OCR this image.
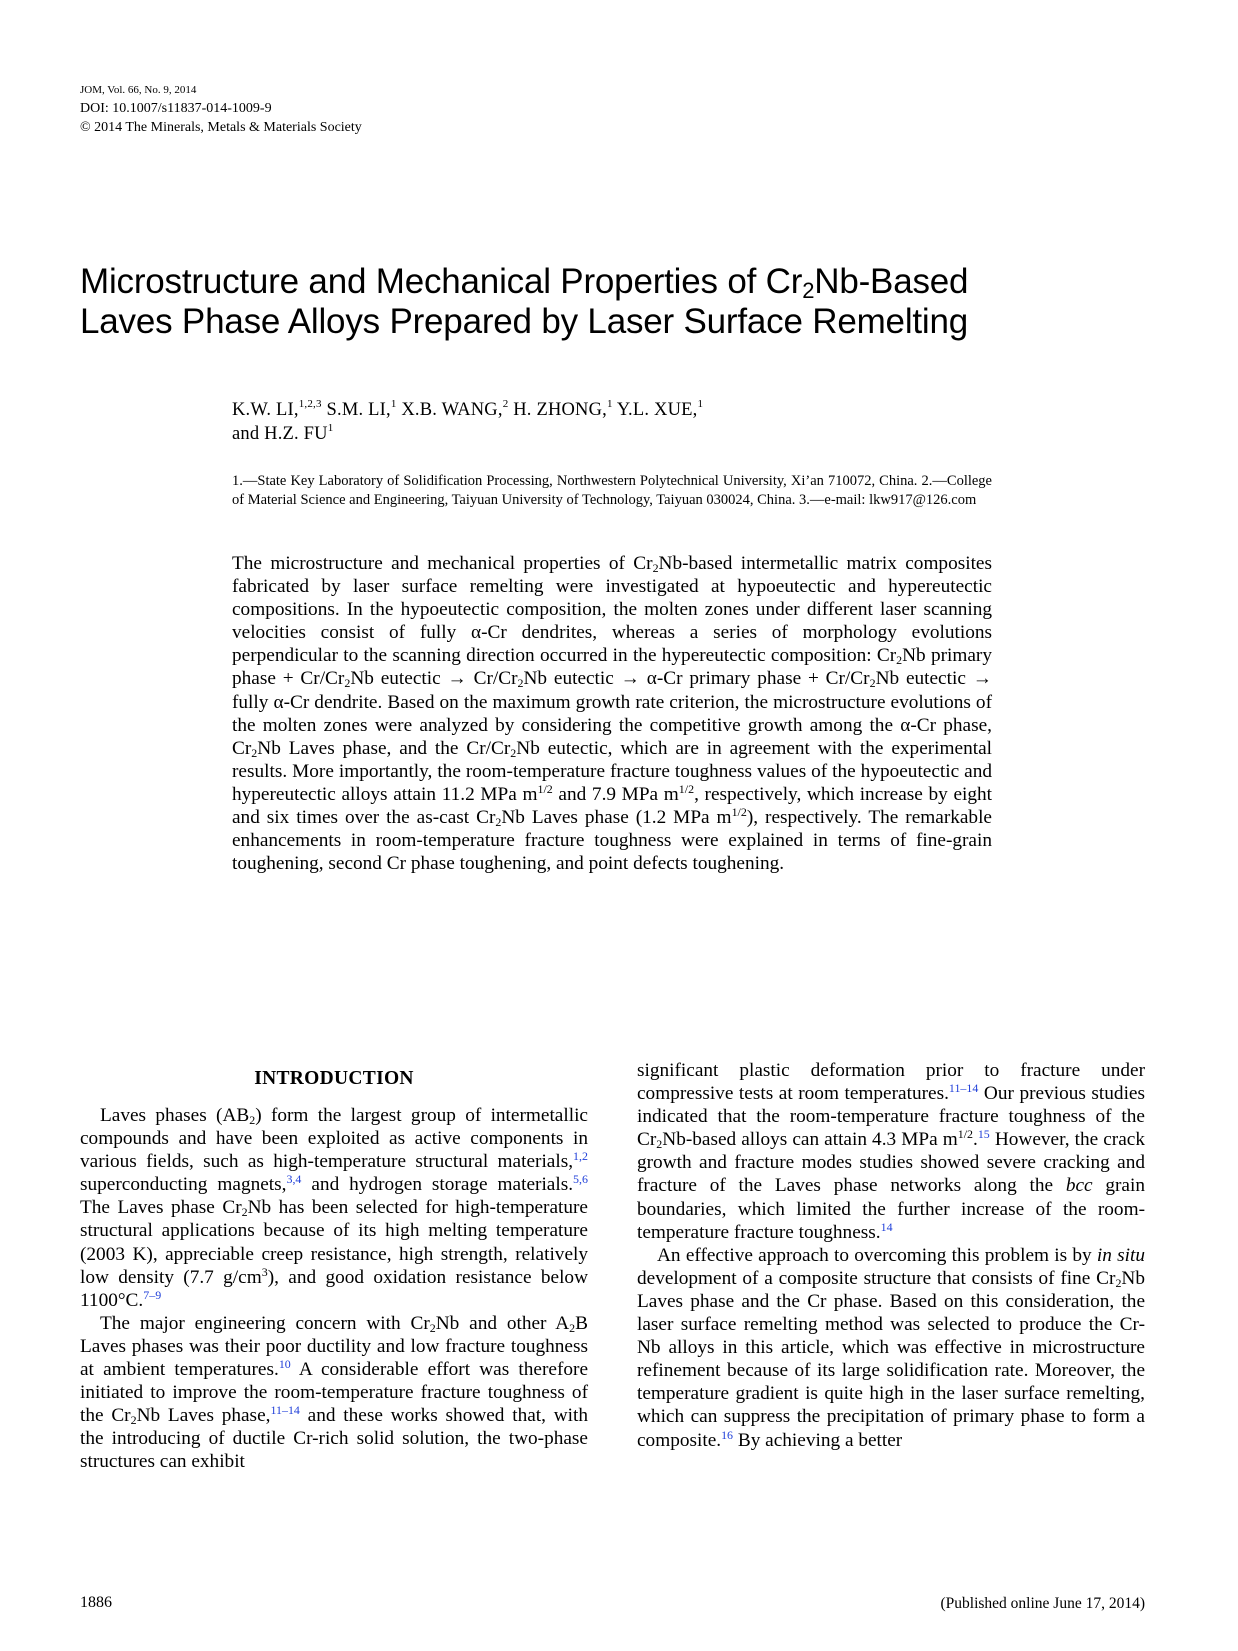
JOM, Vol. 66, No. 9, 2014
DOI: 10.1007/s11837-014-1009-9
© 2014 The Minerals, Metals & Materials Society
Microstructure and Mechanical Properties of $Cr_2Nb$-Based
Laves Phase Alloys Prepared by Laser Surface Remelting
K.W. LI,$^{1,2,3}$ S.M. LI,$^1$ X.B. WANG,$^2$ H. ZHONG,$^1$ Y.L. XUE,$^1$
and H.Z. $FU^1$
1.—State Key Laboratory of Solidification Processing, Northwestern Polytechnical University, Xi’an 710072, China. 2.—College of Material Science and Engineering, Taiyuan University of Technology, Taiyuan 030024, China. 3.—e-mail: lkw917@126.com
The microstructure and mechanical properties of $Cr_2Nb$-based intermetallic matrix composites fabricated by laser surface remelting were investigated at hypoeutectic and hypereutectic compositions. In the hypoeutectic composition, the molten zones under different laser scanning velocities consist of fully α-Cr dendrites, whereas a series of morphology evolutions perpendicular to the scanning direction occurred in the hypereutectic composition: $Cr_2Nb$ primary phase + $Cr/Cr_2Nb$ eutectic → $Cr/Cr_2Nb$ eutectic → α-Cr primary phase + $Cr/Cr_2Nb$ eutectic → fully α-Cr dendrite. Based on the maximum growth rate criterion, the microstructure evolutions of the molten zones were analyzed by considering the competitive growth among the α-Cr phase, $Cr_2Nb$ Laves phase, and the $Cr/Cr_2Nb$ eutectic, which are in agreement with the experimental results. More importantly, the room-temperature fracture toughness values of the hypoeutectic and hypereutectic alloys attain 11.2 MPa $m^{1/2}$ and 7.9 MPa $m^{1/2}$, respectively, which increase by eight and six times over the as-cast $Cr_2Nb$ Laves phase (1.2 MPa $m^{1/2}$), respectively. The remarkable enhancements in room-temperature fracture toughness were explained in terms of fine-grain toughening, second Cr phase toughening, and point defects toughening.
INTRODUCTION

Laves phases $(AB_2)$ form the largest group of intermetallic compounds and have been exploited as active components in various fields, such as high-temperature structural materials,$^{1,2}$ superconducting magnets,$^{3,4}$ and hydrogen storage materials.$^{5,6}$ The Laves phase $Cr_2Nb$ has been selected for high-temperature structural applications because of its high melting temperature (2003 K), appreciable creep resistance, high strength, relatively low density (7.7 $g/cm^3$), and good oxidation resistance below 1100°C.$^{7-9}$

The major engineering concern with $Cr_2Nb$ and other $A_2B$ Laves phases was their poor ductility and low fracture toughness at ambient temperatures.$^{10}$ A considerable effort was therefore initiated to improve the room-temperature fracture toughness of the $Cr_2Nb$ Laves phase,$^{11-14}$ and these works showed that, with the introducing of ductile Cr-rich solid solution, the two-phase structures can exhibit

significant plastic deformation prior to fracture under compressive tests at room temperatures.$^{11-14}$ Our previous studies indicated that the room-temperature fracture toughness of the $Cr_2Nb$-based alloys can attain 4.3 MPa $m^{1/2}.^{15}$ However, the crack growth and fracture modes studies showed severe cracking and fracture of the Laves phase networks along the bcc grain boundaries, which limited the further increase of the room-temperature fracture toughness.$^{14}$

An effective approach to overcoming this problem is by in situ development of a composite structure that consists of fine $Cr_2Nb$ Laves phase and the Cr phase. Based on this consideration, the laser surface remelting method was selected to produce the Cr-Nb alloys in this article, which was effective in microstructure refinement because of its large solidification rate. Moreover, the temperature gradient is quite high in the laser surface remelting, which can suppress the precipitation of primary phase to form a composite.$^{16}$ By achieving a better

1886	(Published online June 17, 2014)
